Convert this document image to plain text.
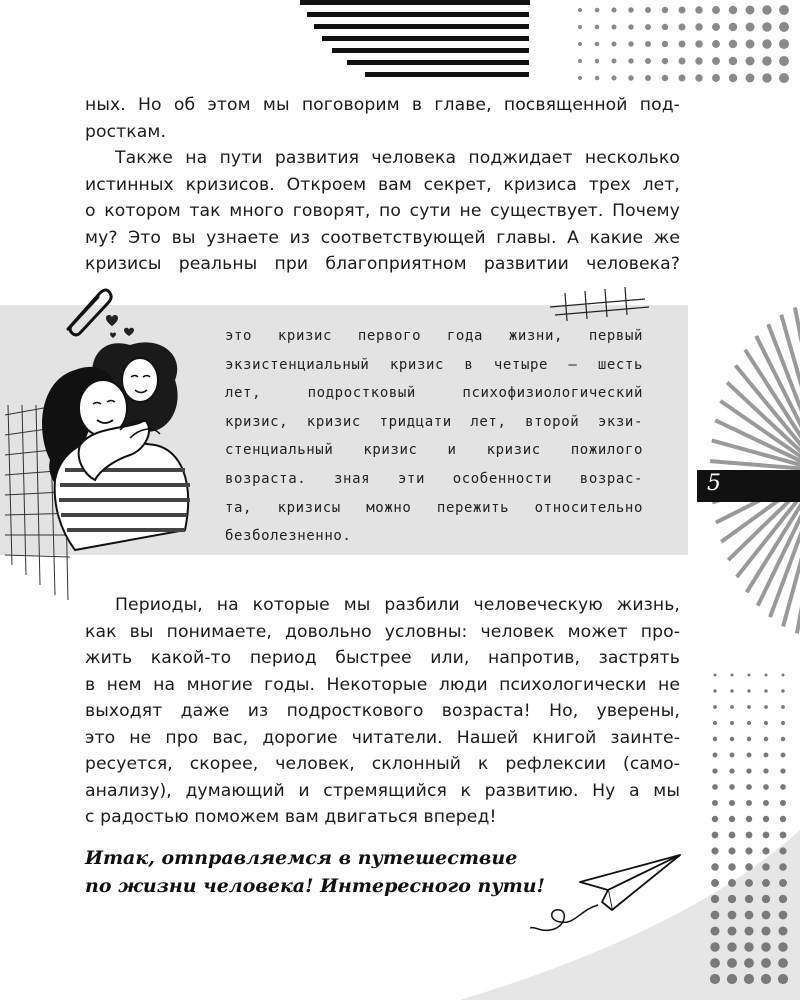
ных. Но об этом мы поговорим в главе, посвященной под-
росткам.
Также на пути развития человека поджидает несколько
истинных кризисов. Откроем вам секрет, кризиса трех лет,
о котором так много говорят, по сути не существует. Почему
му? Это вы узнаете из соответствующей главы. А какие же
кризисы реальны при благоприятном развитии человека?
это кризис первого года жизни, первый
экзистенциальный кризис в четыре — шесть
лет, подростковый психофизиологический
кризис, кризис тридцати лет, второй экзи-
стенциальный кризис и кризис пожилого
возраста. зная эти особенности возрас-
та, кризисы можно пережить относительно
безболезненно.
Периоды, на которые мы разбили человеческую жизнь,
как вы понимаете, довольно условны: человек может про-
жить какой-то период быстрее или, напротив, застрять
в нем на многие годы. Некоторые люди психологически не
выходят даже из подросткового возраста! Но, уверены,
это не про вас, дорогие читатели. Нашей книгой заинте-
ресуется, скорее, человек, склонный к рефлексии (само-
анализу), думающий и стремящийся к развитию. Ну а мы
с радостью поможем вам двигаться вперед!
Итак, отправляемся в путешествие
по жизни человека! Интересного пути!
5
